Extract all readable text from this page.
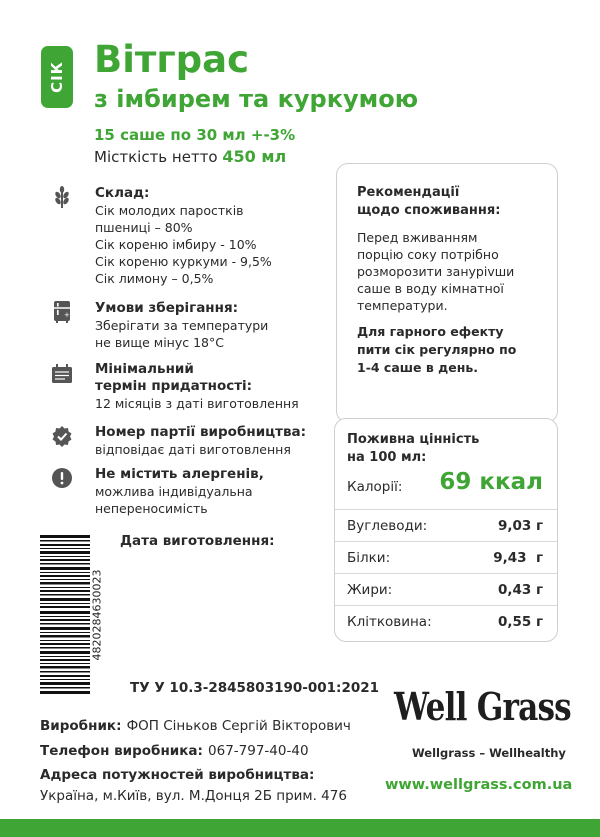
СІК Вітграс
з імбирем та куркумою
15 саше по 30 мл +-3%
Місткість нетто 450 мл
Склад:
Сік молодих паростків
пшениці – 80%
Сік кореню імбиру - 10%
Сік кореню куркуми - 9,5%
Сік лимону – 0,5%
+ Умови зберігання:
Зберігати за температури
не вище мінус 18°С
Мінімальний
термін придатності:
12 місяців з даті виготовлення
Номер партії виробництва:
відповідає даті виготовлення
Не містить алергенів,
можлива індивідуальна
непереносимість
Дата виготовлення:
4820284630023
Рекомендації
щодо споживання:
Перед вживанням
порцію соку потрібно
розморозити занурivши
саше в воду кімнатної
температури.
Для гарного ефекту
пити сік регулярно по
1-4 саше в день.
Поживна цінність
на 100 мл:
Калорії: 69 ккал
Вуглеводи:	9,03 г
Білки:	9,43  г
Жири:	0,43 г
Клітковина:	0,55 г
ТУ У 10.3-2845803190-001:2021
Виробник: ФОП Сіньков Сергій Вікторович
Телефон виробника: 067-797-40-40
Адреса потужностей виробництва:
Україна, м.Київ, вул. М.Донця 2Б прим. 476
Well Grass
Wellgrass – Wellhealthy
www.wellgrass.com.ua
